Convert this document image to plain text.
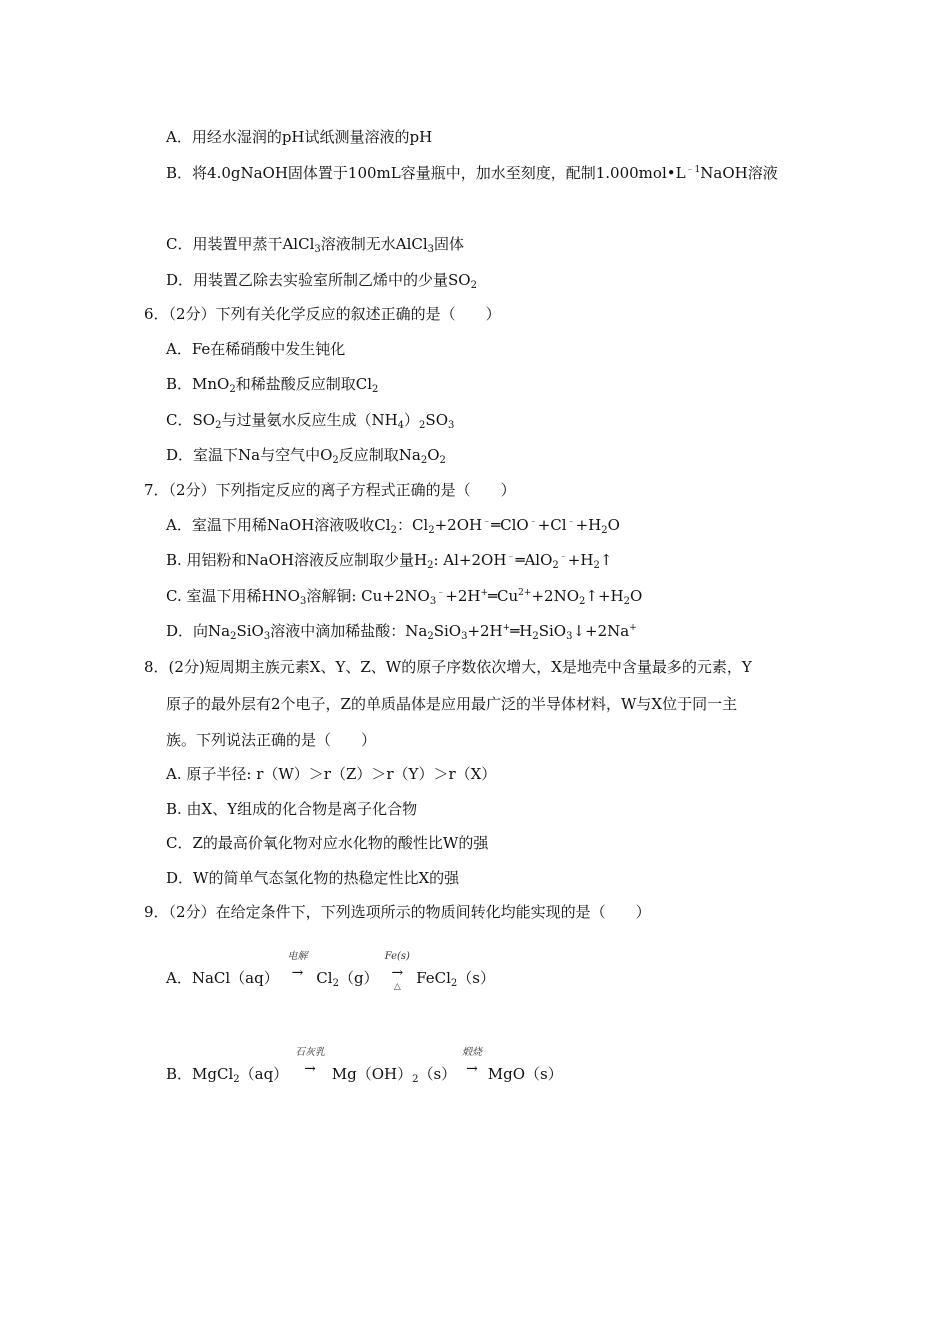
A．用经水湿润的pH试纸测量溶液的pH
B．将4.0gNaOH固体置于100mL容量瓶中，加水至刻度，配制$1.000mol•L^{﹣1}NaOH$溶液
C．用装置甲蒸干AlCl$_3$溶液制无水AlCl$_3$固体
D．用装置乙除去实验室所制乙烯中的少量$SO_2$
6．（2分）下列有关化学反应的叙述正确的是（　　）
A．Fe在稀硝酸中发生钝化
B．MnO$_2$和稀盐酸反应制取$Cl_2$
C．$SO_2$与过量氨水反应生成$(NH_4)_2SO_3$
D．室温下Na与空气中$O_2$反应制取$Na_2O_2$
7．（2分）下列指定反应的离子方程式正确的是（　　）
A．室温下用稀NaOH溶液吸收$Cl_2$：$Cl_2+2OH^﹣═ClO^﹣+Cl^﹣+H_2O$
B. 用铝粉和NaOH溶液反应制取少量$H_2$: $Al+2OH^﹣═AlO_2^﹣+H_2↑$
C. 室温下用稀$HNO_3$溶解铜: $Cu+2NO_3^﹣+2H^+═Cu^{2+}+2NO_2↑+H_2O$
D．向$Na_2SiO_3$溶液中滴加稀盐酸：$Na_2SiO_3+2H^+═H_2SiO_3↓+2Na^+$
8．(2分)短周期主族元素X、Y、Z、W的原子序数依次增大，X是地壳中含量最多的元素，Y
原子的最外层有2个电子，Z的单质晶体是应用最广泛的半导体材料，W与X位于同一主
族。下列说法正确的是（　　）
A. 原子半径: r（W）＞r（Z）＞r（Y）＞r（X）
B. 由X、Y组成的化合物是离子化合物
C．Z的最高价氧化物对应水化物的酸性比W的强
D．W的简单气态氢化物的热稳定性比X的强
9．（2分）在给定条件下，下列选项所示的物质间转化均能实现的是（　　）
A．NaCl（aq）
电解
→ $Cl_2(g)$
Fe(s)
→
△	FeCl$_2$（s）
B．MgCl$_2$（aq）
石灰乳
→	$Mg(OH)_2(s)$
煅烧
→ MgO（s）
